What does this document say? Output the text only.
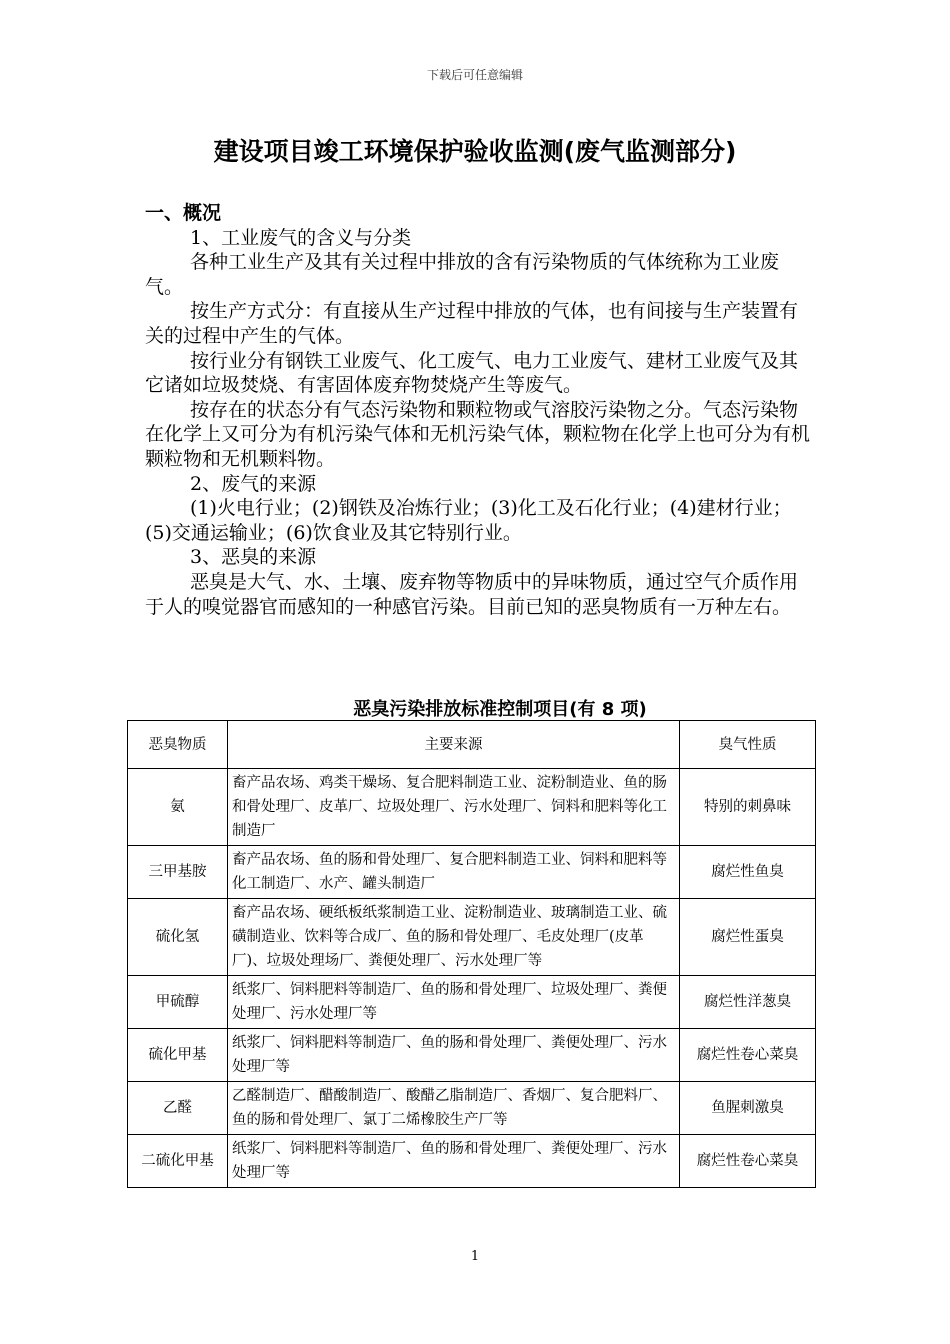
下载后可任意编辑
建设项目竣工环境保护验收监测(废气监测部分)

一、概况

1、工业废气的含义与分类

各种工业生产及其有关过程中排放的含有污染物质的气体统称为工业废气。

按生产方式分：有直接从生产过程中排放的气体，也有间接与生产装置有关的过程中产生的气体。

按行业分有钢铁工业废气、化工废气、电力工业废气、建材工业废气及其它诸如垃圾焚烧、有害固体废弃物焚烧产生等废气。

按存在的状态分有气态污染物和颗粒物或气溶胶污染物之分。气态污染物在化学上又可分为有机污染气体和无机污染气体，颗粒物在化学上也可分为有机颗粒物和无机颗料物。

2、废气的来源

(1)火电行业；(2)钢铁及冶炼行业；(3)化工及石化行业；(4)建材行业；(5)交通运输业；(6)饮食业及其它特别行业。

3、恶臭的来源

恶臭是大气、水、土壤、废弃物等物质中的异味物质，通过空气介质作用于人的嗅觉器官而感知的一种感官污染。目前已知的恶臭物质有一万种左右。

恶臭污染排放标准控制项目(有 8 项)
恶臭物质	主要来源	臭气性质
氨	畜产品农场、鸡类干燥场、复合肥料制造工业、淀粉制造业、鱼的肠和骨处理厂、皮革厂、垃圾处理厂、污水处理厂、饲料和肥料等化工制造厂	特别的刺鼻味
三甲基胺	畜产品农场、鱼的肠和骨处理厂、复合肥料制造工业、饲料和肥料等化工制造厂、水产、罐头制造厂	腐烂性鱼臭
硫化氢	畜产品农场、硬纸板纸浆制造工业、淀粉制造业、玻璃制造工业、硫磺制造业、饮料等合成厂、鱼的肠和骨处理厂、毛皮处理厂(皮革厂)、垃圾处理场厂、粪便处理厂、污水处理厂等	腐烂性蛋臭
甲硫醇	纸浆厂、饲料肥料等制造厂、鱼的肠和骨处理厂、垃圾处理厂、粪便处理厂、污水处理厂等	腐烂性洋葱臭
硫化甲基	纸浆厂、饲料肥料等制造厂、鱼的肠和骨处理厂、粪便处理厂、污水处理厂等	腐烂性卷心菜臭
乙醛	乙醛制造厂、醋酸制造厂、酸醋乙脂制造厂、香烟厂、复合肥料厂、鱼的肠和骨处理厂、氯丁二烯橡胶生产厂等	鱼腥刺激臭
二硫化甲基	纸浆厂、饲料肥料等制造厂、鱼的肠和骨处理厂、粪便处理厂、污水处理厂等	腐烂性卷心菜臭
1
